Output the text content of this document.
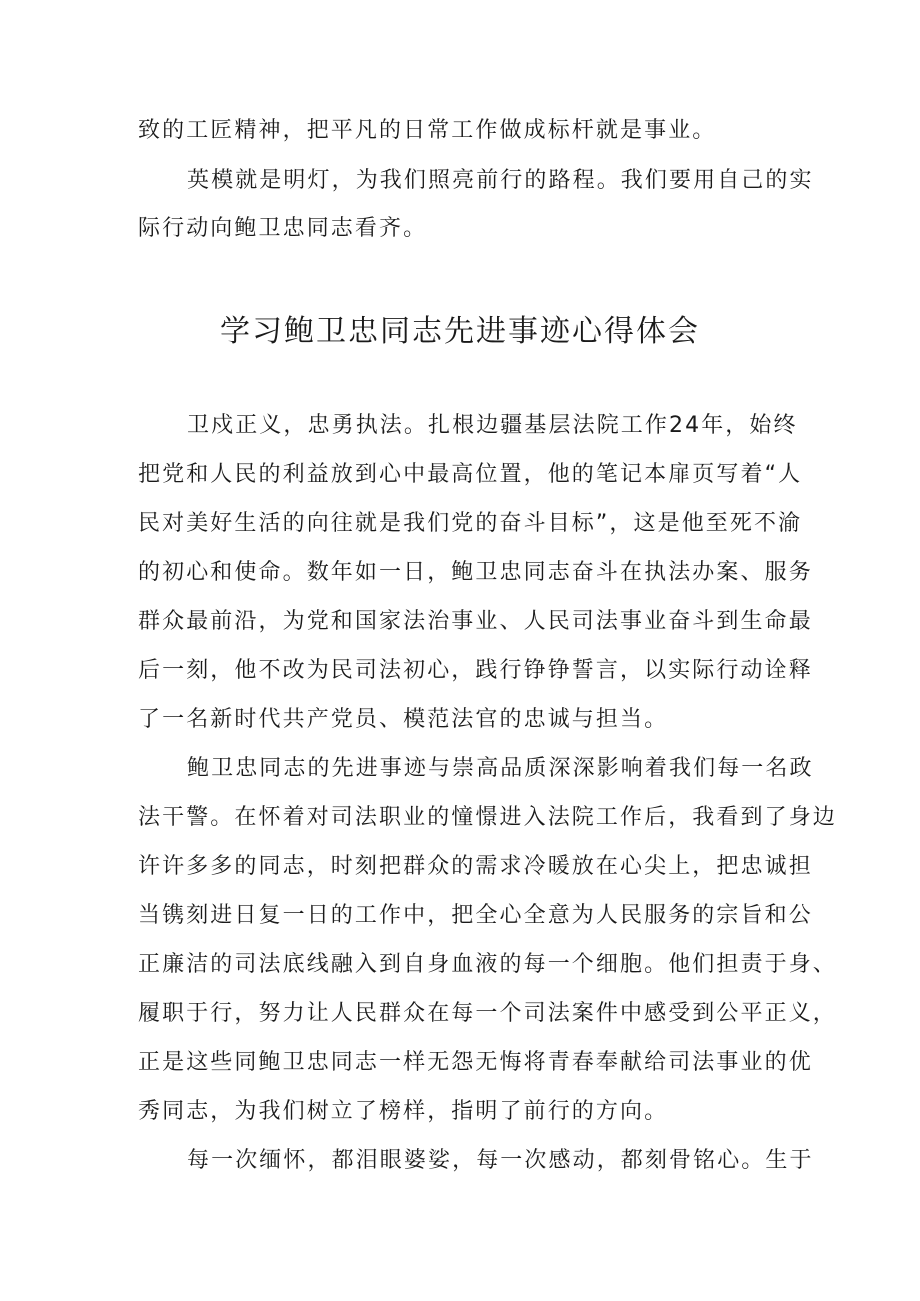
致的工匠精神，把平凡的日常工作做成标杆就是事业。

英模就是明灯，为我们照亮前行的路程。我们要用自己的实

际行动向鲍卫忠同志看齐。

学习鲍卫忠同志先进事迹心得体会

卫戍正义，忠勇执法。扎根边疆基层法院工作24年，始终

把党和人民的利益放到心中最高位置，他的笔记本扉页写着“人

民对美好生活的向往就是我们党的奋斗目标”，这是他至死不渝

的初心和使命。数年如一日，鲍卫忠同志奋斗在执法办案、服务

群众最前沿，为党和国家法治事业、人民司法事业奋斗到生命最

后一刻，他不改为民司法初心，践行铮铮誓言，以实际行动诠释

了一名新时代共产党员、模范法官的忠诚与担当。

鲍卫忠同志的先进事迹与崇高品质深深影响着我们每一名政

法干警。在怀着对司法职业的憧憬进入法院工作后，我看到了身边

许许多多的同志，时刻把群众的需求冷暖放在心尖上，把忠诚担

当镌刻进日复一日的工作中，把全心全意为人民服务的宗旨和公

正廉洁的司法底线融入到自身血液的每一个细胞。他们担责于身、

履职于行，努力让人民群众在每一个司法案件中感受到公平正义，

正是这些同鲍卫忠同志一样无怨无悔将青春奉献给司法事业的优

秀同志，为我们树立了榜样，指明了前行的方向。

每一次缅怀，都泪眼婆娑，每一次感动，都刻骨铭心。生于
